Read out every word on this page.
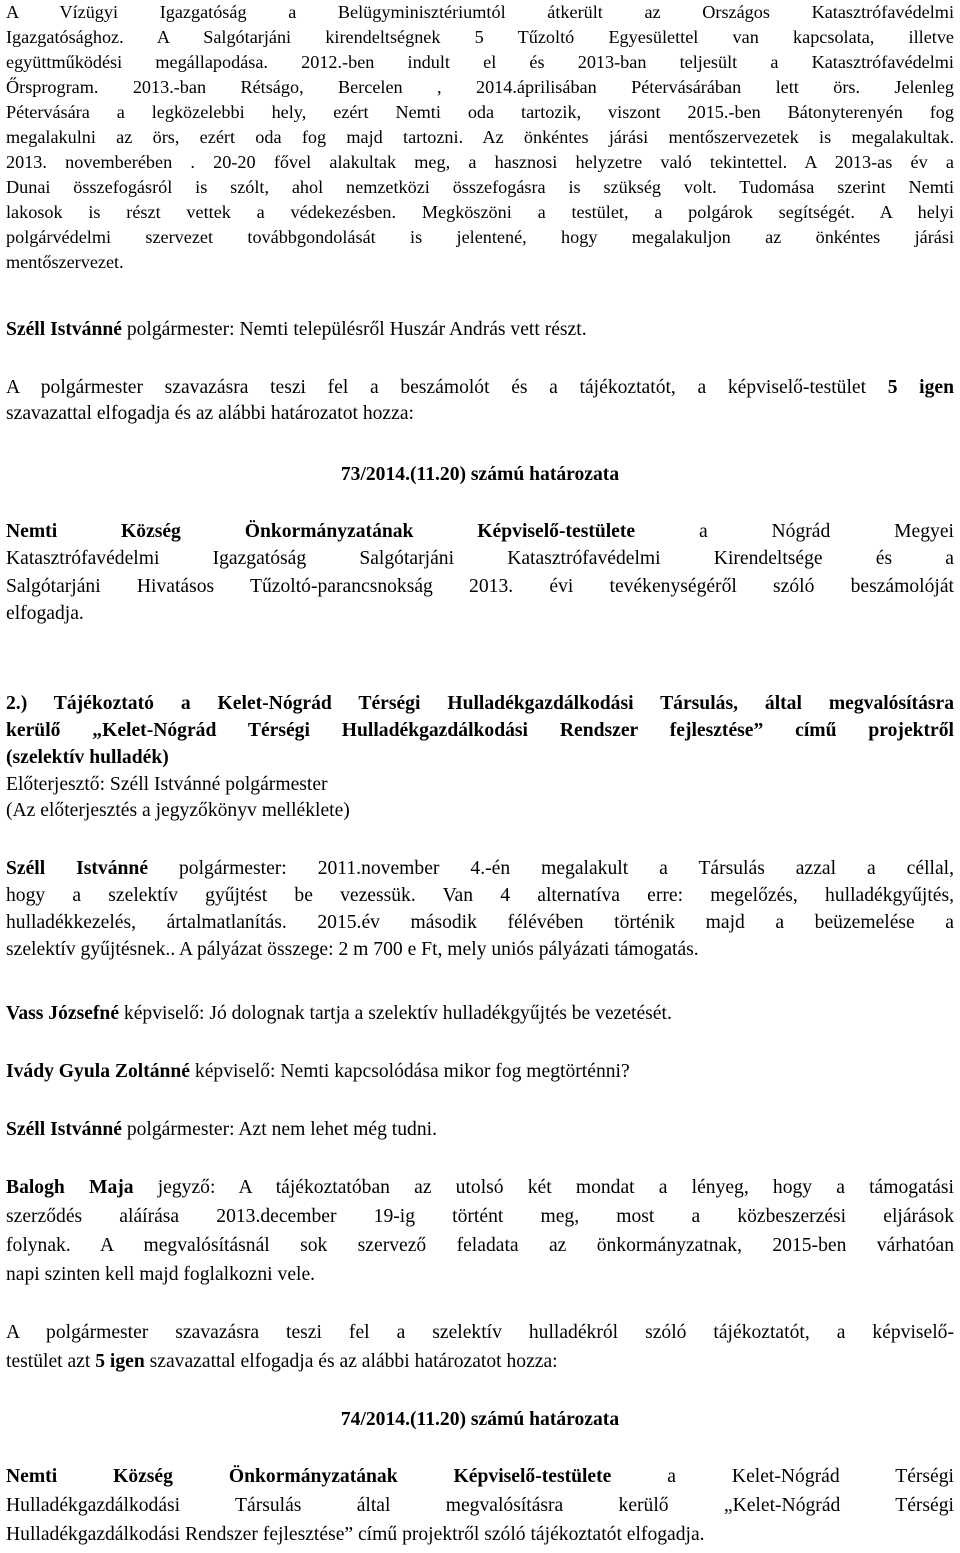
A Vízügyi Igazgatóság a Belügyminisztériumtól átkerült az Országos Katasztrófavédelmi

Igazgatósághoz. A Salgótarjáni kirendeltségnek 5 Tűzoltó Egyesülettel van kapcsolata, illetve

együttműködési megállapodása. 2012.-ben indult el és 2013-ban teljesült a Katasztrófavédelmi

Őrsprogram. 2013.-ban Rétságo, Bercelen , 2014.áprilisában Pétervásárában lett örs. Jelenleg

Pétervására a legközelebbi hely, ezért Nemti oda tartozik, viszont 2015.-ben Bátonyterenyén fog

megalakulni az örs, ezért oda fog majd tartozni. Az önkéntes járási mentőszervezetek is megalakultak.

2013. novemberében . 20-20 fővel alakultak meg, a hasznosi helyzetre való tekintettel. A 2013-as év a

Dunai összefogásról is szólt, ahol nemzetközi összefogásra is szükség volt. Tudomása szerint Nemti

lakosok is részt vettek a védekezésben. Megköszöni a testület, a polgárok segítségét. A helyi

polgárvédelmi szervezet továbbgondolását is jelentené, hogy megalakuljon az önkéntes járási

mentőszervezet.

Széll Istvánné polgármester: Nemti településről Huszár András vett részt.

A polgármester szavazásra teszi fel a beszámolót és a tájékoztatót, a képviselő-testület 5 igen

szavazattal elfogadja és az alábbi határozatot hozza:

73/2014.(11.20) számú határozata

Nemti Község Önkormányzatának Képviselő-testülete a Nógrád Megyei

Katasztrófavédelmi Igazgatóság Salgótarjáni Katasztrófavédelmi Kirendeltsége és a

Salgótarjáni Hivatásos Tűzoltó-parancsnokság 2013. évi tevékenységéről szóló beszámolóját

elfogadja.

2.) Tájékoztató a Kelet-Nógrád Térségi Hulladékgazdálkodási Társulás, által megvalósításra

kerülő „Kelet-Nógrád Térségi Hulladékgazdálkodási Rendszer fejlesztése” című projektről

(szelektív hulladék)

Előterjesztő: Széll Istvánné polgármester

(Az előterjesztés a jegyzőkönyv melléklete)

Széll Istvánné polgármester: 2011.november 4.-én megalakult a Társulás azzal a céllal,

hogy a szelektív gyűjtést be vezessük. Van 4 alternatíva erre: megelőzés, hulladékgyűjtés,

hulladékkezelés, ártalmatlanítás. 2015.év második félévében történik majd a beüzemelése a

szelektív gyűjtésnek.. A pályázat összege: 2 m 700 e Ft, mely uniós pályázati támogatás.

Vass Józsefné képviselő: Jó dolognak tartja a szelektív hulladékgyűjtés be vezetését.

Ivády Gyula Zoltánné képviselő: Nemti kapcsolódása mikor fog megtörténni?

Széll Istvánné polgármester: Azt nem lehet még tudni.

Balogh Maja jegyző: A tájékoztatóban az utolsó két mondat a lényeg, hogy a támogatási

szerződés aláírása 2013.december 19-ig történt meg, most a közbeszerzési eljárások

folynak. A megvalósításnál sok szervező feladata az önkormányzatnak, 2015-ben várhatóan

napi szinten kell majd foglalkozni vele.

A polgármester szavazásra teszi fel a szelektív hulladékról szóló tájékoztatót, a képviselő-

testület azt 5 igen szavazattal elfogadja és az alábbi határozatot hozza:

74/2014.(11.20) számú határozata

Nemti Község Önkormányzatának Képviselő-testülete a Kelet-Nógrád Térségi

Hulladékgazdálkodási Társulás által megvalósításra kerülő „Kelet-Nógrád Térségi

Hulladékgazdálkodási Rendszer fejlesztése” című projektről szóló tájékoztatót elfogadja.
